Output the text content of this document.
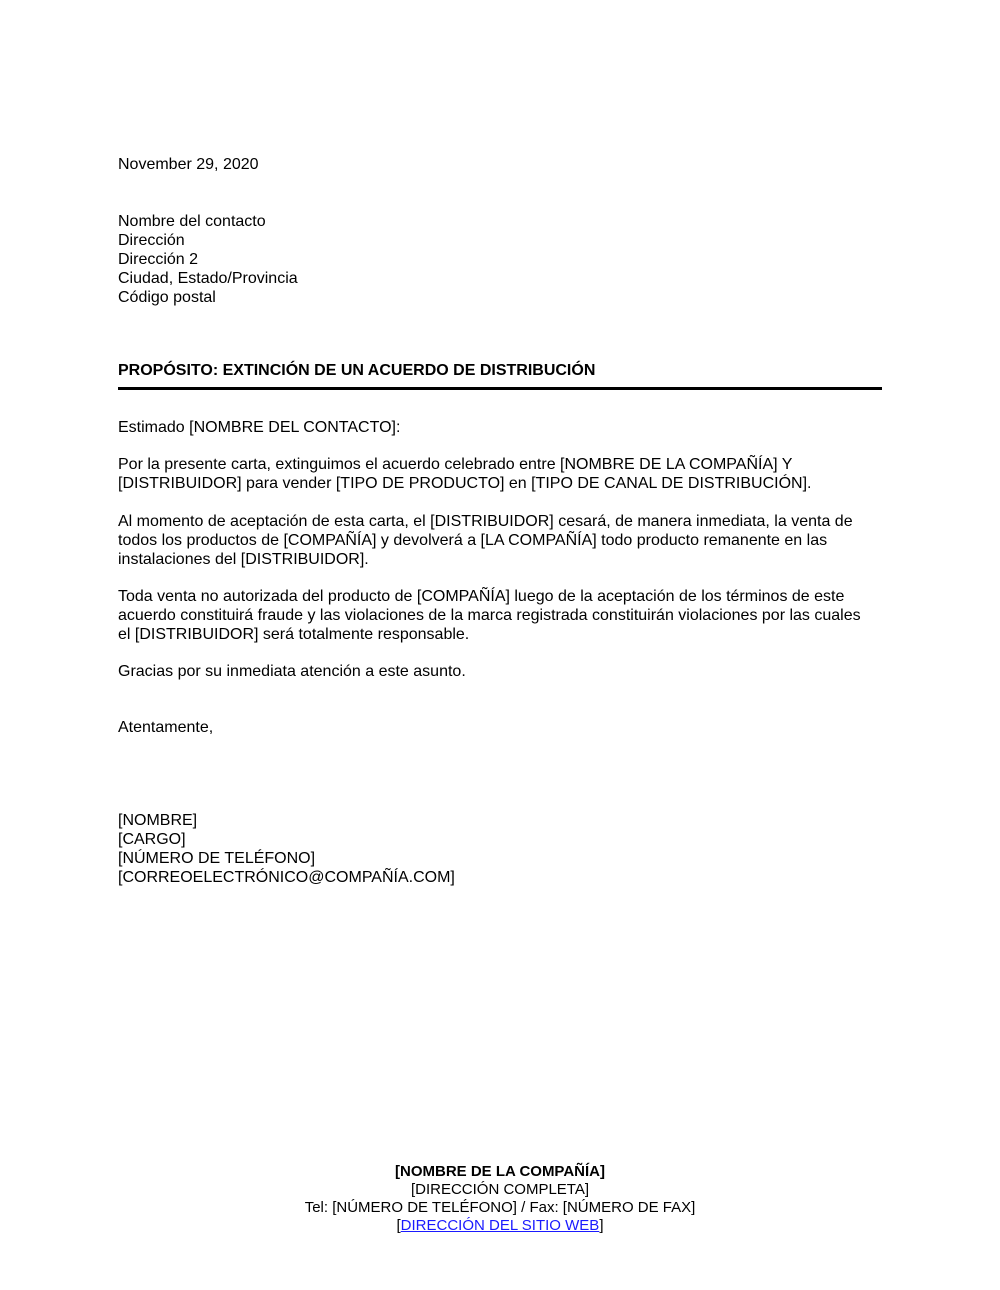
November 29, 2020
Nombre del contacto
Dirección
Dirección 2
Ciudad, Estado/Provincia
Código postal
PROPÓSITO: EXTINCIÓN DE UN ACUERDO DE DISTRIBUCIÓN
Estimado [NOMBRE DEL CONTACTO]:
Por la presente carta, extinguimos el acuerdo celebrado entre [NOMBRE DE LA COMPAÑÍA] Y
[DISTRIBUIDOR] para vender [TIPO DE PRODUCTO] en [TIPO DE CANAL DE DISTRIBUCIÓN].
Al momento de aceptación de esta carta, el [DISTRIBUIDOR] cesará, de manera inmediata, la venta de
todos los productos de [COMPAÑÍA] y devolverá a [LA COMPAÑÍA] todo producto remanente en las
instalaciones del [DISTRIBUIDOR].
Toda venta no autorizada del producto de [COMPAÑÍA] luego de la aceptación de los términos de este
acuerdo constituirá fraude y las violaciones de la marca registrada constituirán violaciones por las cuales
el [DISTRIBUIDOR] será totalmente responsable.
Gracias por su inmediata atención a este asunto.
Atentamente,
[NOMBRE]
[CARGO]
[NÚMERO DE TELÉFONO]
[CORREOELECTRÓNICO@COMPAÑÍA.COM]
[NOMBRE DE LA COMPAÑÍA]
[DIRECCIÓN COMPLETA]
Tel: [NÚMERO DE TELÉFONO] / Fax: [NÚMERO DE FAX]
[DIRECCIÓN DEL SITIO WEB]
